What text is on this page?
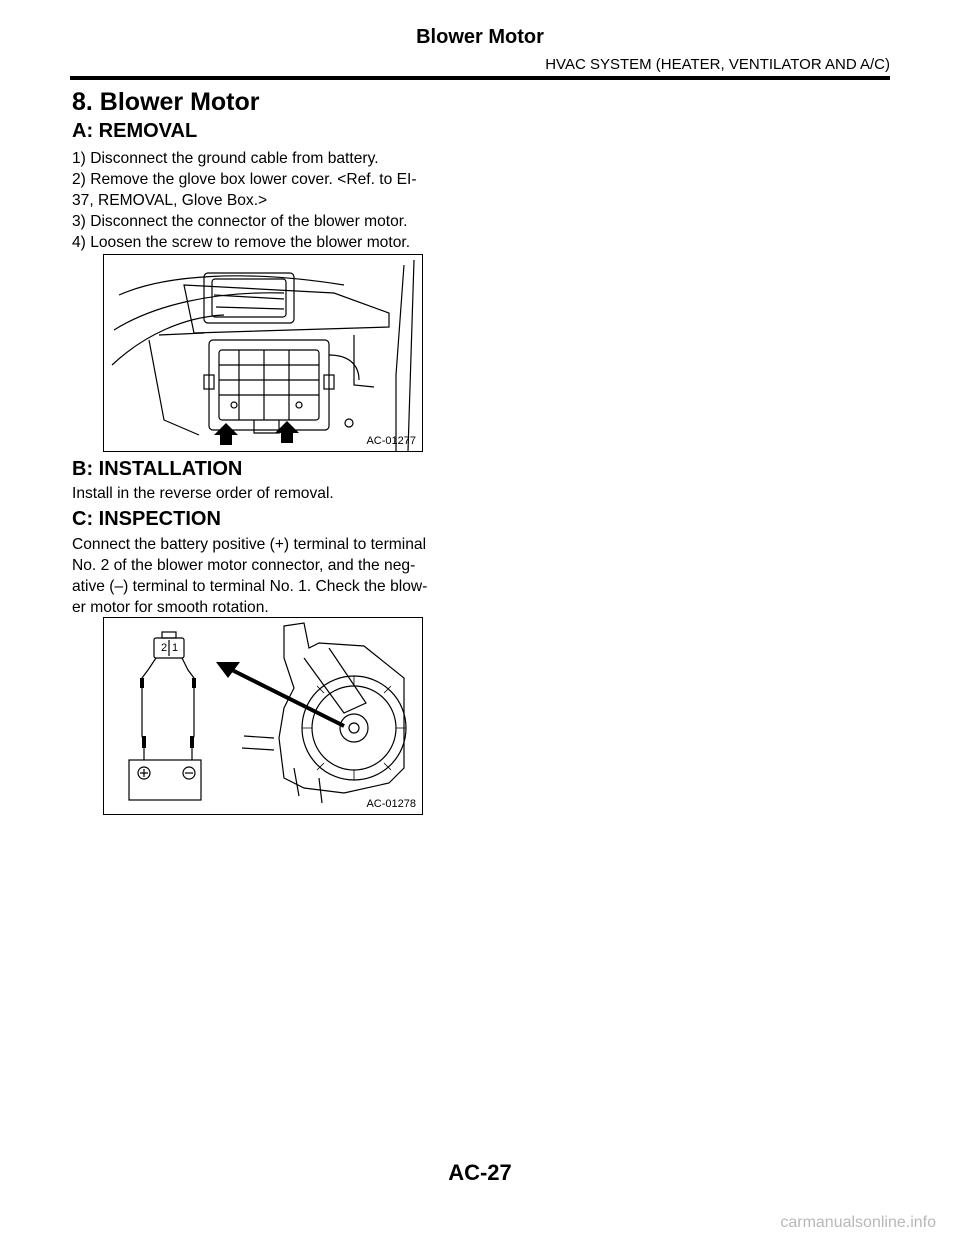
Blower Motor
HVAC SYSTEM (HEATER, VENTILATOR AND A/C)
8. Blower Motor
A: REMOVAL

1) Disconnect the ground cable from battery.

2) Remove the glove box lower cover. <Ref. to EI-

37, REMOVAL, Glove Box.>

3) Disconnect the connector of the blower motor.

4) Loosen the screw to remove the blower motor.

AC-01277
B: INSTALLATION
Install in the reverse order of removal.
C: INSPECTION

Connect the battery positive (+) terminal to terminal

No. 2 of the blower motor connector, and the neg-

ative (–) terminal to terminal No. 1. Check the blow-

er motor for smooth rotation.

2 1
AC-01278
AC-27
carmanualsonline.info
